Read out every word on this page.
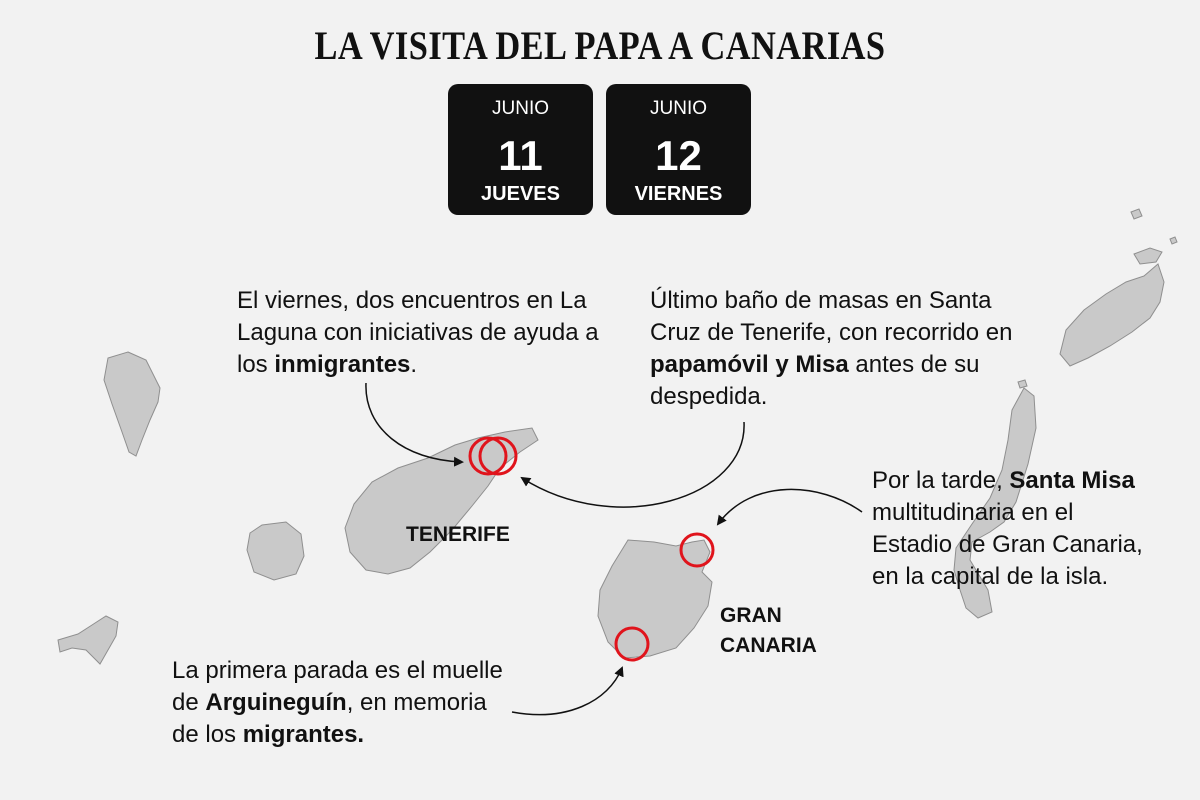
LA VISITA DEL PAPA A CANARIAS
JUNIO
11
JUEVES
JUNIO
12
VIERNES
El viernes, dos encuentros en La Laguna con iniciativas de ayuda a los inmigrantes.
Último baño de masas en Santa Cruz de Tenerife, con recorrido en papamóvil y Misa antes de su despedida.
Por la tarde, Santa Misa multitudinaria en el Estadio de Gran Canaria, en la capital de la isla.
La primera parada es el muelle de Arguineguín, en memoria de los migrantes.
TENERIFE
GRAN
CANARIA
